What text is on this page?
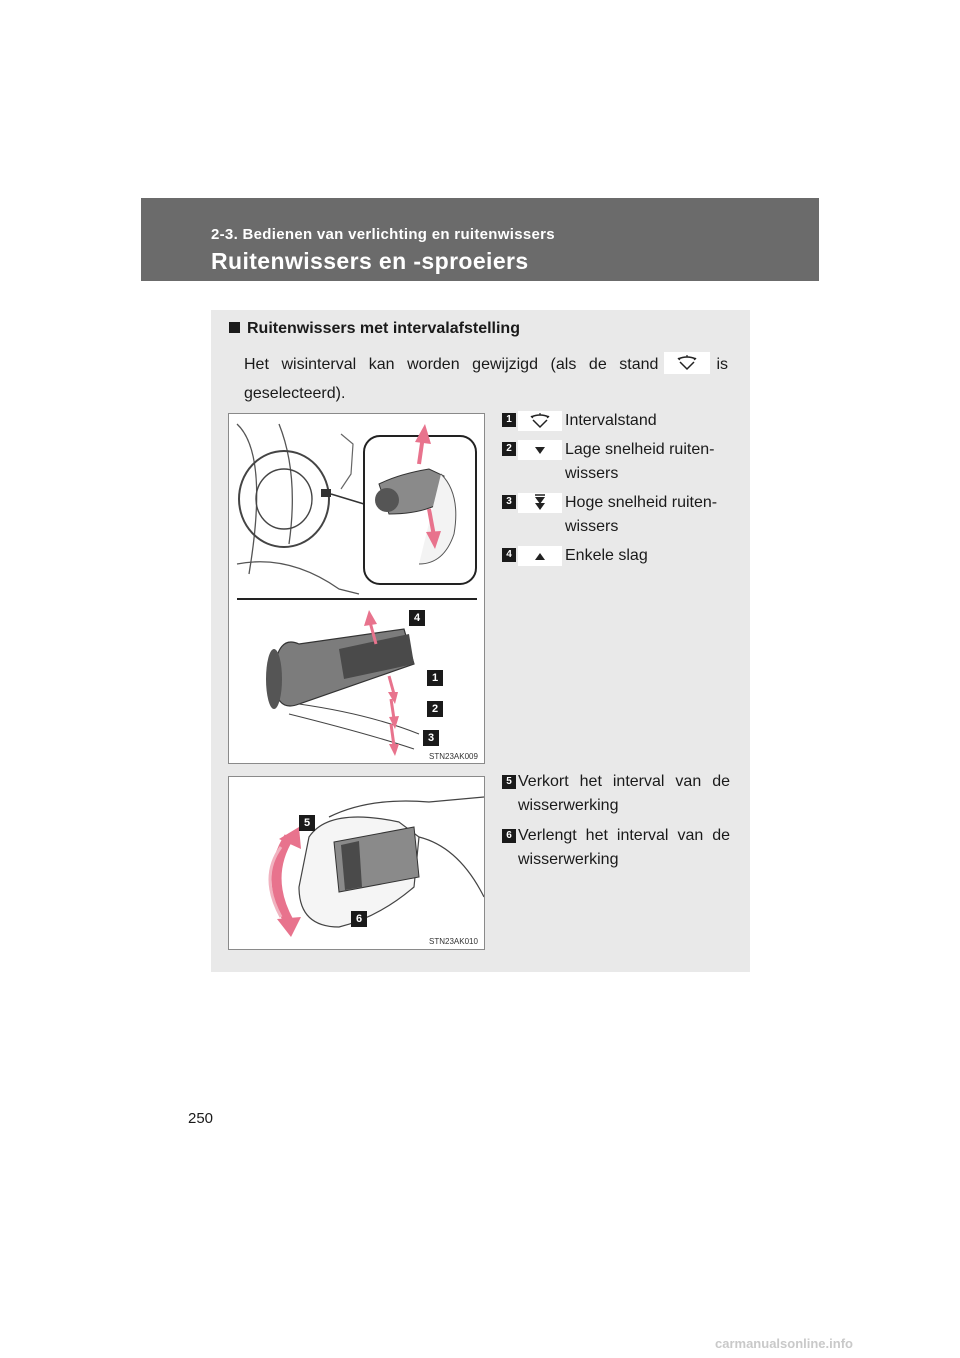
2-3. Bedienen van verlichting en ruitenwissers
Ruitenwissers en -sproeiers
Ruitenwissers met intervalafstelling
Het wisinterval kan worden gewijzigd (als de stand	is geselecteerd).
4
1
2
3
STN23AK009
5
6
STN23AK010
1	Intervalstand
2	Lage snelheid ruiten-wissers
3	Hoge snelheid ruiten-wissers
4	Enkele slag
5 Verkort het interval van de wisserwerking
6 Verlengt het interval van de wisserwerking
250
carmanualsonline.info
